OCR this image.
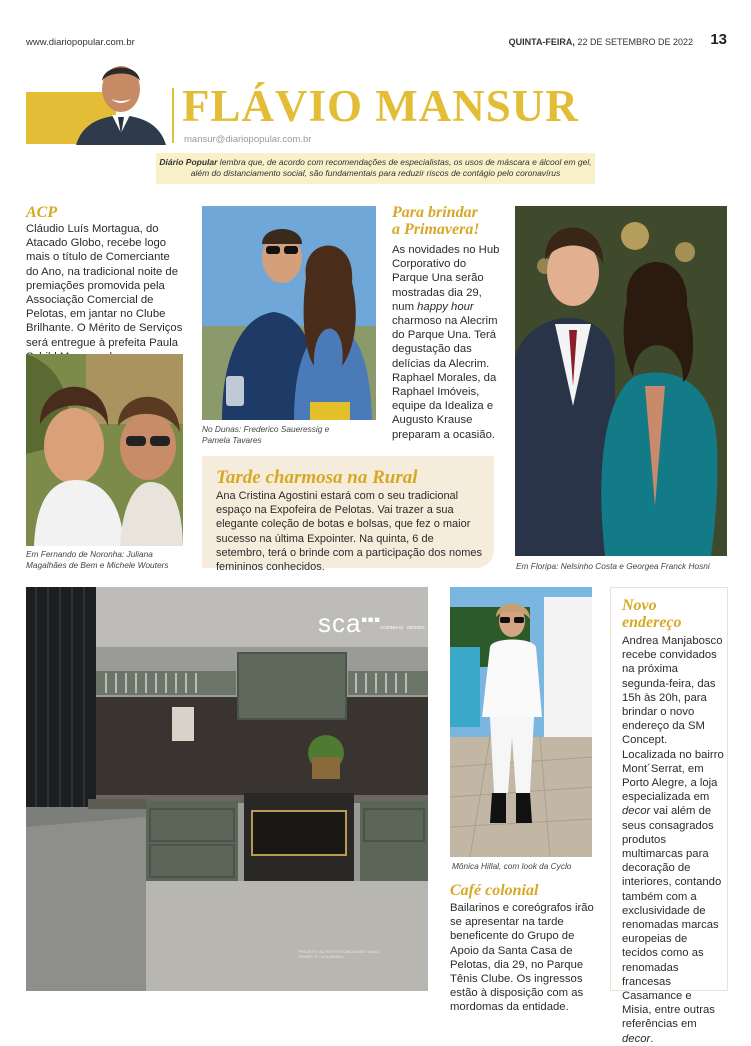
www.diariopopular.com.br	QUINTA-FEIRA, 22 DE SETEMBRO DE 2022 13
FLÁVIO MANSUR
mansur@diariopopular.com.br
Diário Popular lembra que, de acordo com recomendações de especialistas, os usos de máscara e álcool em gel,
além do distanciamento social, são fundamentais para reduzir riscos de contágio pelo coronavírus
ACP
Cláudio Luís Mortagua, do Atacado Globo, recebe logo mais o título de Comerciante do Ano, na tradicional noite de premiações promovida pela Associação Comercial de Pelotas, em jantar no Clube Brilhante. O Mérito de Serviços será entregue à prefeita Paula
Em Fernando de Noronha: Juliana Magalhães de Bem e Michele Wouters
No Dunas: Frederico Saueressig e Pamela Tavares
Para brindar
a Primavera!
As novidades no Hub Corporativo do Parque Una serão mostradas dia 29, num happy hour charmoso na Alecrim do Parque Una. Terá degustação das delícias da Alecrim. Raphael Morales, da Raphael Imóveis, equipe da Idealiza e Augusto Krause preparam a ocasião.
Em Floripa: Nelsinho Costa e Georgea Franck Hosni
Tarde charmosa na Rural
Ana Cristina Agostini estará com o seu tradicional espaço na Expofeira de Pelotas. Vai trazer a sua elegante coleção de botas e bolsas, que fez o maior sucesso na última Expointer. Na quinta, 6 de setembro, terá o brinde com a participação dos nomes femininos conhecidos.
sca■■■
COZINHAS · DESIGN
PROJETO: AD RESTO GONÇALVES / IMAG: GRUPO IT / SCA BRASIL
Mônica Hillal, com look da Cyclo
Café colonial
Bailarinos e coreógrafos irão se apresentar na tarde beneficente do Grupo de Apoio da Santa Casa de Pelotas, dia 29, no Parque Tênis Clube. Os ingressos estão à disposição com as mordomas da entidade.
Novo
endereço
Andrea Manjabosco recebe convidados na próxima segunda-feira, das 15h às 20h, para brindar o novo endereço da SM Concept. Localizada no bairro Mont´Serrat, em Porto Alegre, a loja especializada em decor vai além de seus consagrados produtos multimarcas para decoração de interiores, contando também com a exclusividade de renomadas marcas europeias de tecidos como as renomadas francesas Casamance e Misia, entre outras referências em decor.
